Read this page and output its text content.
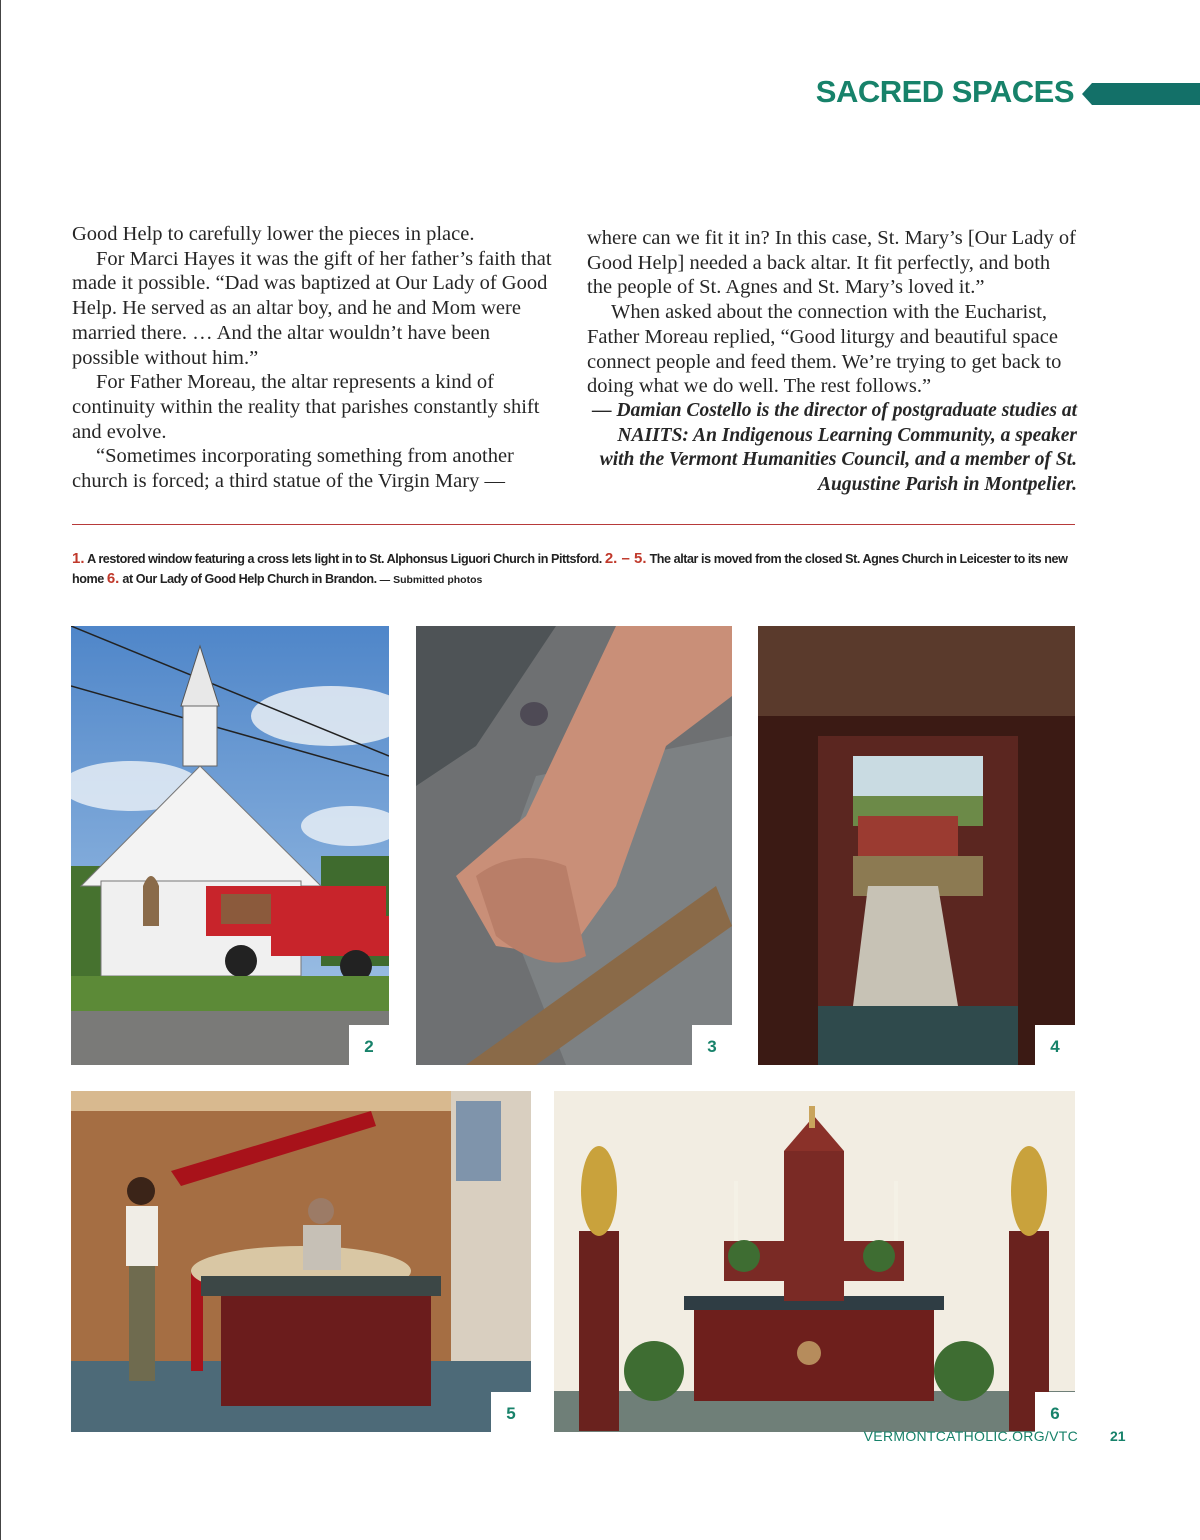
SACRED SPACES

Good Help to carefully lower the pieces in place.

For Marci Hayes it was the gift of her father’s faith that made it possible. “Dad was baptized at Our Lady of Good Help. He served as an altar boy, and he and Mom were married there. … And the altar wouldn’t have been possible without him.”

For Father Moreau, the altar represents a kind of continuity within the reality that parishes constantly shift and evolve.

“Sometimes incorporating something from another church is forced; a third statue of the Virgin Mary —

where can we fit it in? In this case, St. Mary’s [Our Lady of Good Help] needed a back altar. It fit perfectly, and both the people of St. Agnes and St. Mary’s loved it.”

When asked about the connection with the Eucharist, Father Moreau replied, “Good liturgy and beautiful space connect people and feed them. We’re trying to get back to doing what we do well. The rest follows.”

— Damian Costello is the director of postgraduate studies at NAIITS: An Indigenous Learning Community, a speaker with the Vermont Humanities Council, and a member of St. Augustine Parish in Montpelier.

1. A restored window featuring a cross lets light in to St. Alphonsus Liguori Church in Pittsford. 2. – 5. The altar is moved from the closed St. Agnes Church in Leicester to its new home 6. at Our Lady of Good Help Church in Brandon. — Submitted photos
2	3	4
5	6
VERMONTCATHOLIC.ORG/VTC 21
